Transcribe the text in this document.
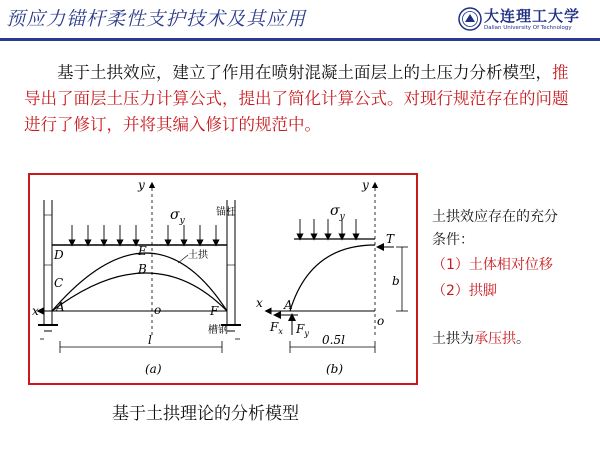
预应力锚杆柔性支护技术及其应用	大连理工大学
Dalian University Of Technology
基于土拱效应，建立了作用在喷射混凝土面层上的土压力分析模型，推导出了面层土压力计算公式，提出了简化计算公式。对现行规范存在的问题进行了修订，并将其编入修订的规范中。
y
x
$\sigma_y$
锚杆
土拱
槽钢
D	E
B
C
A	o	F
l
(a)
y
$\sigma_y$
T
x A
o
$F_x$ $F_y$
b
0.5l
(b)
土拱效应存在的充分
条件：
（1）土体相对位移
（2）拱脚
土拱为承压拱。
基于土拱理论的分析模型
